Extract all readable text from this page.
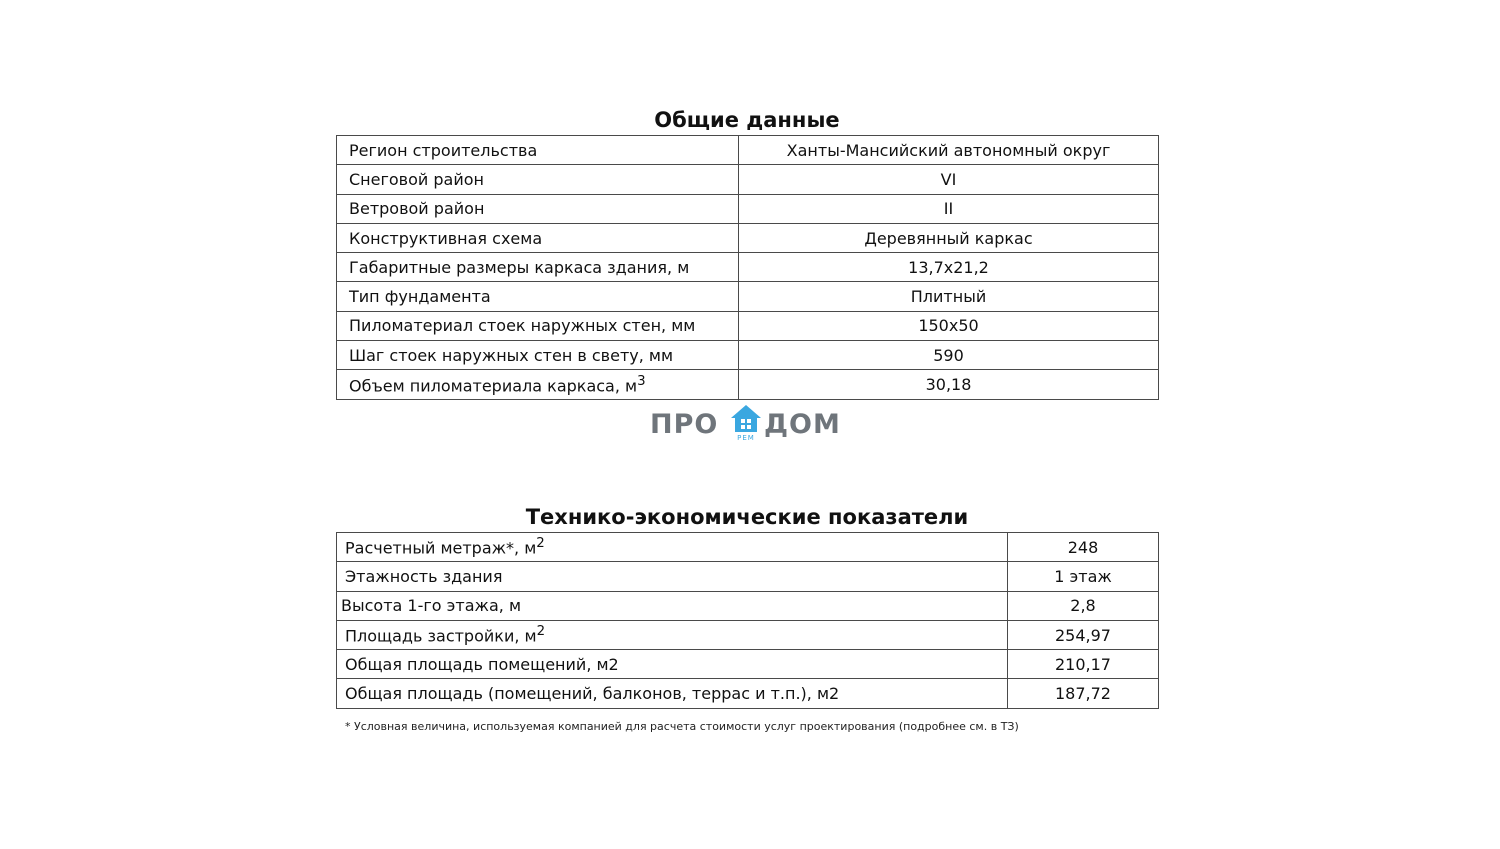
Общие данные
Регион строительства	Ханты-Мансийский автономный округ
Снеговой район	VI
Ветровой район	II
Конструктивная схема	Деревянный каркас
Габаритные размеры каркаса здания, м	13,7х21,2
Тип фундамента	Плитный
Пиломатериал стоек наружных стен, мм	150х50
Шаг стоек наружных стен в свету, мм	590
Объем пиломатериала каркаса, $м^3$	30,18
ПРО	РЕМ ДОМ
Технико-экономические показатели
Расчетный метраж*, $м^2$	248
Этажность здания	1 этаж
Высота 1-го этажа, м	2,8
Площадь застройки, $м^2$	254,97
Общая площадь помещений, м2	210,17
Общая площадь (помещений, балконов, террас и т.п.), м2	187,72
* Условная величина, используемая компанией для расчета стоимости услуг проектирования (подробнее см. в ТЗ)
